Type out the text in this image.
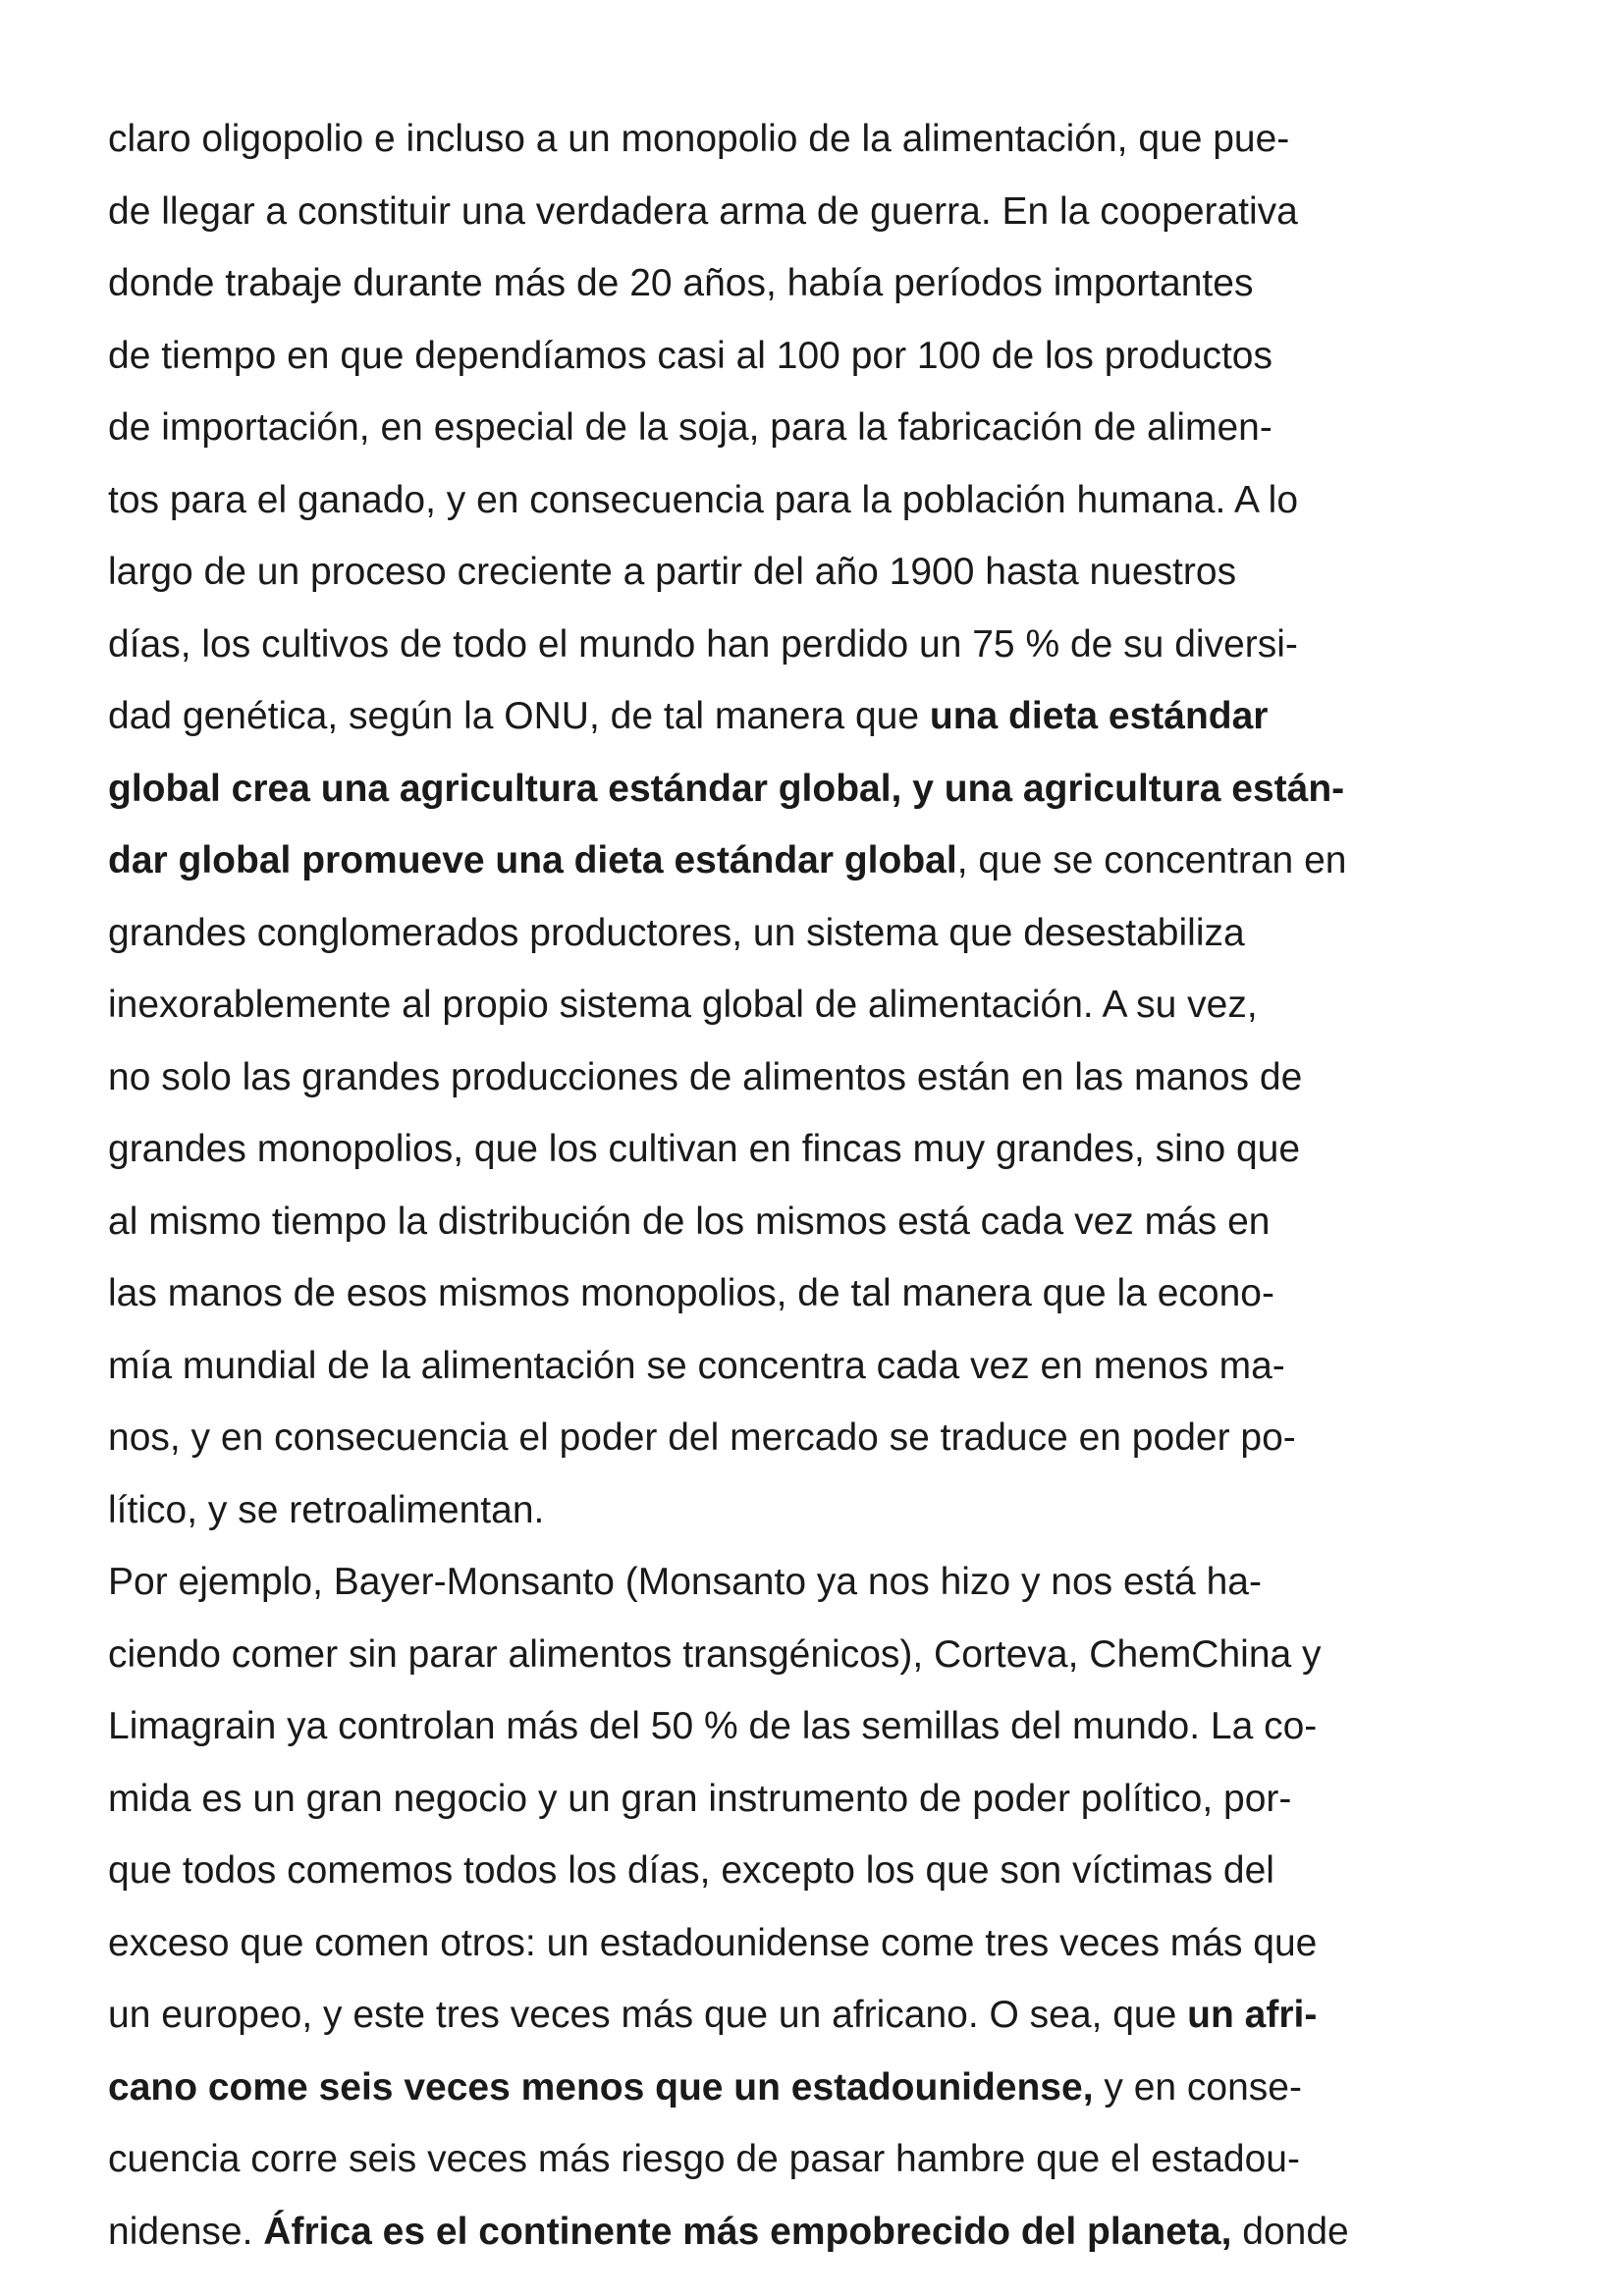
claro oligopolio e incluso a un monopolio de la alimentación, que pue-
de llegar a constituir una verdadera arma de guerra. En la cooperativa
donde trabaje durante más de 20 años, había períodos importantes
de tiempo en que dependíamos casi al 100 por 100 de los productos
de importación, en especial de la soja, para la fabricación de alimen-
tos para el ganado, y en consecuencia para la población humana. A lo
largo de un proceso creciente a partir del año 1900 hasta nuestros
días, los cultivos de todo el mundo han perdido un 75 % de su diversi-
dad genética, según la ONU, de tal manera que una dieta estándar
global crea una agricultura estándar global, y una agricultura están-
dar global promueve una dieta estándar global, que se concentran en
grandes conglomerados productores, un sistema que desestabiliza
inexorablemente al propio sistema global de alimentación. A su vez,
no solo las grandes producciones de alimentos están en las manos de
grandes monopolios, que los cultivan en fincas muy grandes, sino que
al mismo tiempo la distribución de los mismos está cada vez más en
las manos de esos mismos monopolios, de tal manera que la econo-
mía mundial de la alimentación se concentra cada vez en menos ma-
nos, y en consecuencia el poder del mercado se traduce en poder po-
lítico, y se retroalimentan.
Por ejemplo, Bayer-Monsanto (Monsanto ya nos hizo y nos está ha-
ciendo comer sin parar alimentos transgénicos), Corteva, ChemChina y
Limagrain ya controlan más del 50 % de las semillas del mundo. La co-
mida es un gran negocio y un gran instrumento de poder político, por-
que todos comemos todos los días, excepto los que son víctimas del
exceso que comen otros: un estadounidense come tres veces más que
un europeo, y este tres veces más que un africano. O sea, que un afri-
cano come seis veces menos que un estadounidense, y en conse-
cuencia corre seis veces más riesgo de pasar hambre que el estadou-
nidense. África es el continente más empobrecido del planeta, donde
